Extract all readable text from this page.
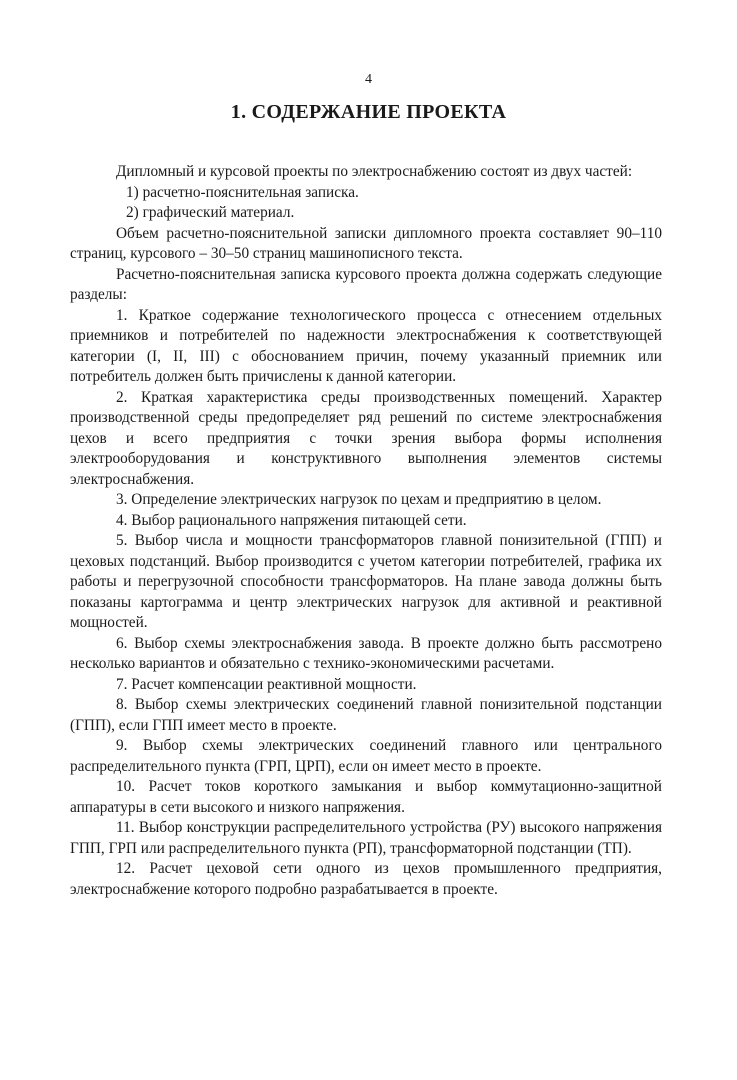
4
1. СОДЕРЖАНИЕ ПРОЕКТА

Дипломный и курсовой проекты по электроснабжению состоят из двух частей:

1) расчетно-пояснительная записка.

2) графический материал.

Объем расчетно-пояснительной записки дипломного проекта составляет 90–110 страниц, курсового – 30–50 страниц машинописного текста.

Расчетно-пояснительная записка курсового проекта должна содержать следующие разделы:

1. Краткое содержание технологического процесса с отнесением отдельных приемников и потребителей по надежности электроснабжения к соответствующей категории (I, II, III) с обоснованием причин, почему указанный приемник или потребитель должен быть причислены к данной категории.

2. Краткая характеристика среды производственных помещений. Характер производственной среды предопределяет ряд решений по системе электроснабжения цехов и всего предприятия с точки зрения выбора формы исполнения электрооборудования и конструктивного выполнения элементов системы электроснабжения.

3. Определение электрических нагрузок по цехам и предприятию в целом.

4. Выбор рационального напряжения питающей сети.

5. Выбор числа и мощности трансформаторов главной понизительной (ГПП) и цеховых подстанций. Выбор производится с учетом категории потребителей, графика их работы и перегрузочной способности трансформаторов. На плане завода должны быть показаны картограмма и центр электрических нагрузок для активной и реактивной мощностей.

6. Выбор схемы электроснабжения завода. В проекте должно быть рассмотрено несколько вариантов и обязательно с технико-экономическими расчетами.

7. Расчет компенсации реактивной мощности.

8. Выбор схемы электрических соединений главной понизительной подстанции (ГПП), если ГПП имеет место в проекте.

9. Выбор схемы электрических соединений главного или центрального распределительного пункта (ГРП, ЦРП), если он имеет место в проекте.

10. Расчет токов короткого замыкания и выбор коммутационно-защитной аппаратуры в сети высокого и низкого напряжения.

11. Выбор конструкции распределительного устройства (РУ) высокого напряжения ГПП, ГРП или распределительного пункта (РП), трансформаторной подстанции (ТП).

12. Расчет цеховой сети одного из цехов промышленного предприятия, электроснабжение которого подробно разрабатывается в проекте.
